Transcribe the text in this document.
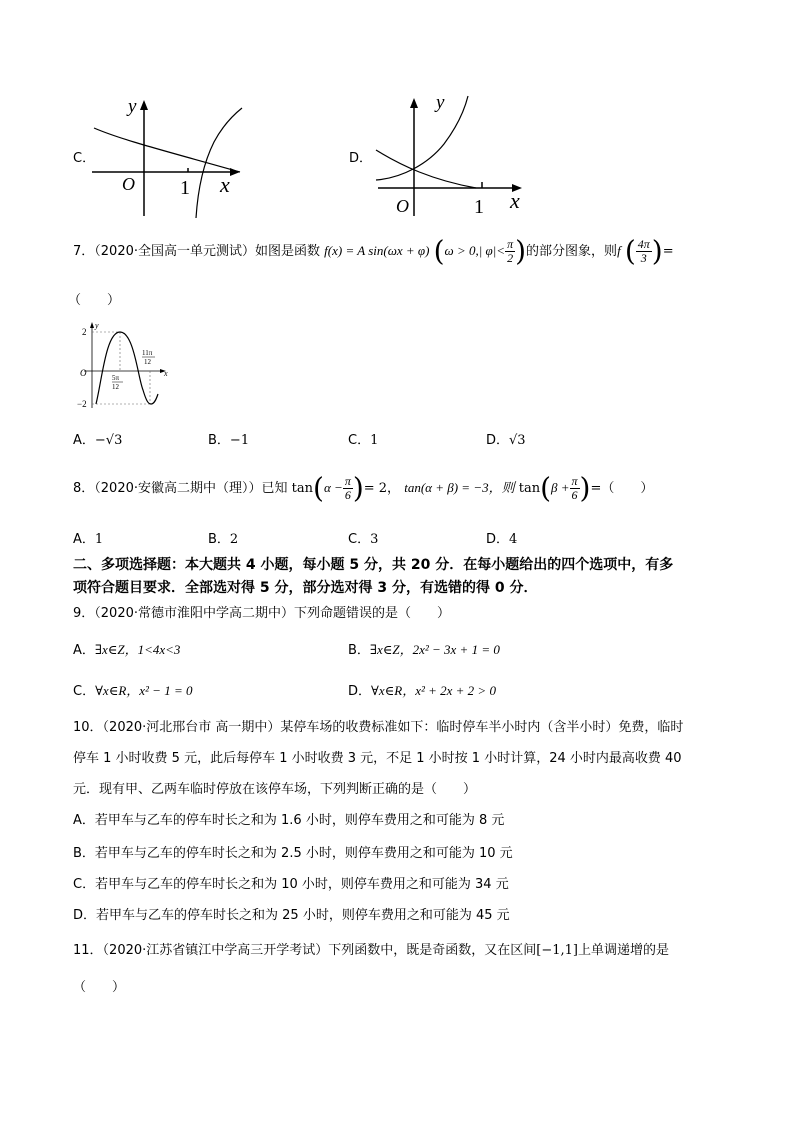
C．
y
O 1 x
D．
y
O	1 x
7．（2020·全国高一单元测试）如图是函数 f(x) = A sin(ωx + φ) (ω > 0,| $\varphi|< \frac{\pi}{2}$ )的部分图象，则f ( $\frac{4\pi}{3}$ )=
（　　）
2
−2
O	x
y
5π
12
11π
12
A．−√3	B．−1	C．1	D．√3
8．（2020·安徽高二期中（理））已知 $\tan(\alpha - \frac{\pi}{6}$ )= 2， tan(α + β) = −3，则 $\tan(\beta + \frac{\pi}{6}$ )=（　　）
A．1	B．2	C．3	D．4
二、多项选择题：本大题共 4 小题，每小题 5 分，共 20 分．在每小题给出的四个选项中，有多
项符合题目要求．全部选对得 5 分，部分选对得 3 分，有选错的得 0 分．
9．（2020·常德市淮阳中学高二期中）下列命题错误的是（　　）
A．∃x∈Z，1<4x<3	B．∃x∈Z，2x² − 3x + 1 = 0
C．∀x∈R，x² − 1 = 0	D．∀x∈R，x² + 2x + 2 > 0
10．（2020·河北邢台市 高一期中）某停车场的收费标准如下：临时停车半小时内（含半小时）免费，临时
停车 1 小时收费 5 元，此后每停车 1 小时收费 3 元，不足 1 小时按 1 小时计算，24 小时内最高收费 40
元．现有甲、乙两车临时停放在该停车场，下列判断正确的是（　　）
A．若甲车与乙车的停车时长之和为 1.6 小时，则停车费用之和可能为 8 元
B．若甲车与乙车的停车时长之和为 2.5 小时，则停车费用之和可能为 10 元
C．若甲车与乙车的停车时长之和为 10 小时，则停车费用之和可能为 34 元
D．若甲车与乙车的停车时长之和为 25 小时，则停车费用之和可能为 45 元
11．（2020·江苏省镇江中学高三开学考试）下列函数中，既是奇函数，又在区间[−1,1]上单调递增的是
（　　）
